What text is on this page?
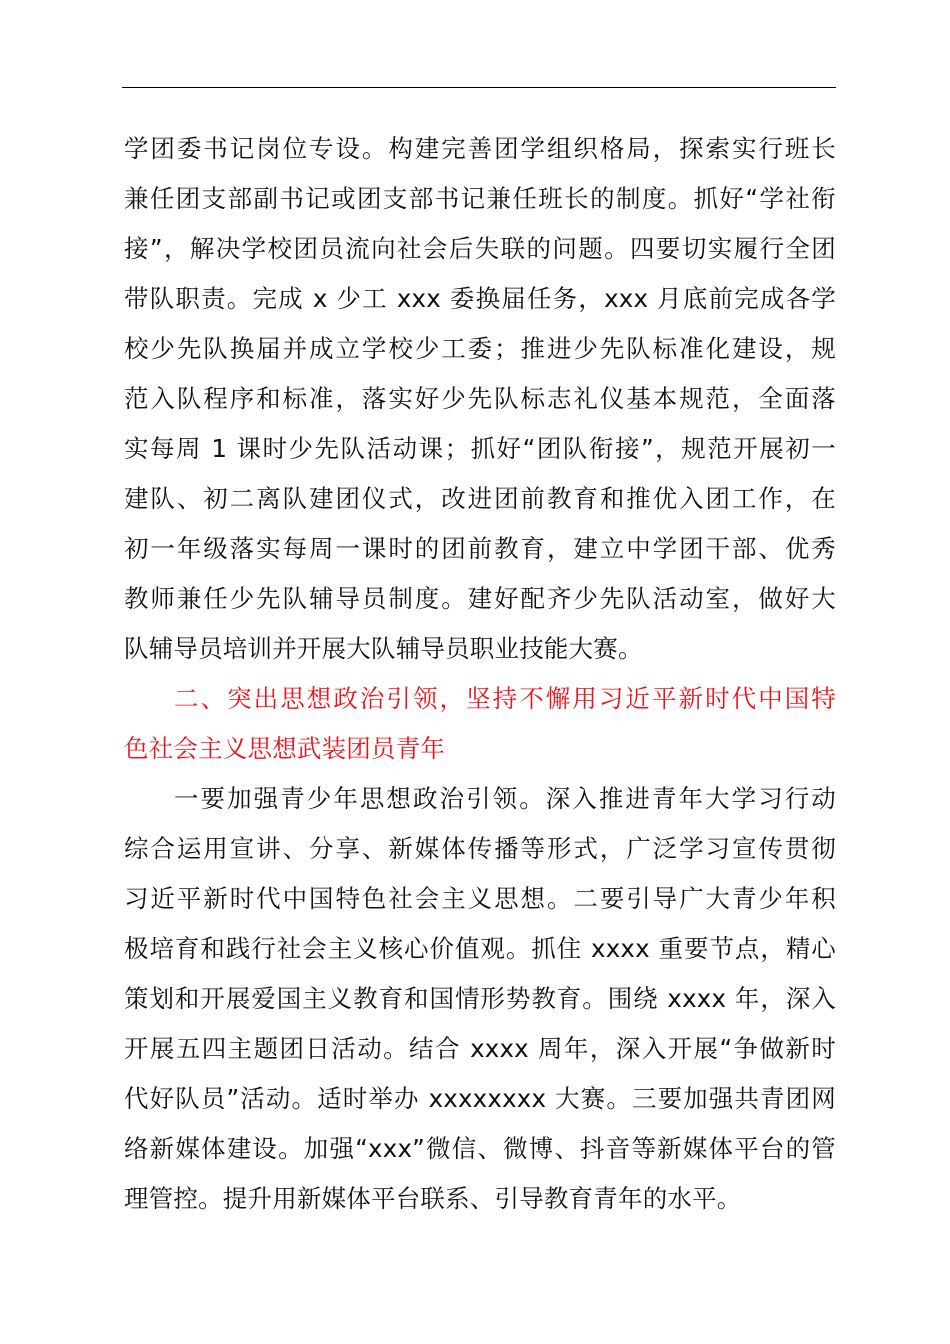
学团委书记岗位专设。构建完善团学组织格局，探索实行班长
兼任团支部副书记或团支部书记兼任班长的制度。抓好“学社衔
接”，解决学校团员流向社会后失联的问题。四要切实履行全团
带队职责。完成 x 少工 xxx 委换届任务，xxx 月底前完成各学
校少先队换届并成立学校少工委；推进少先队标准化建设，规
范入队程序和标准，落实好少先队标志礼仪基本规范，全面落
实每周 1 课时少先队活动课；抓好“团队衔接”，规范开展初一
建队、初二离队建团仪式，改进团前教育和推优入团工作，在
初一年级落实每周一课时的团前教育，建立中学团干部、优秀
教师兼任少先队辅导员制度。建好配齐少先队活动室，做好大
队辅导员培训并开展大队辅导员职业技能大赛。
二、突出思想政治引领，坚持不懈用习近平新时代中国特
色社会主义思想武装团员青年
一要加强青少年思想政治引领。深入推进青年大学习行动
综合运用宣讲、分享、新媒体传播等形式，广泛学习宣传贯彻
习近平新时代中国特色社会主义思想。二要引导广大青少年积
极培育和践行社会主义核心价值观。抓住 xxxx 重要节点，精心
策划和开展爱国主义教育和国情形势教育。围绕 xxxx 年，深入
开展五四主题团日活动。结合 xxxx 周年，深入开展“争做新时
代好队员”活动。适时举办 xxxxxxxx 大赛。三要加强共青团网
络新媒体建设。加强“xxx”微信、微博、抖音等新媒体平台的管
理管控。提升用新媒体平台联系、引导教育青年的水平。
